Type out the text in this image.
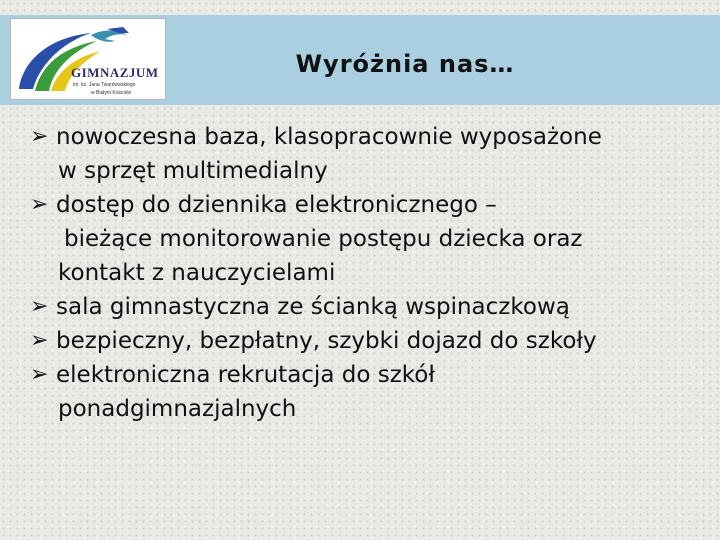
GIMNAZJUM
im. ks. Jana Twardowskiego
w Białym Kościele
Wyróżnia nas…
➢ nowoczesna baza, klasopracownie wyposażone
w sprzęt multimedialny
➢ dostęp do dziennika elektronicznego –
bieżące monitorowanie postępu dziecka oraz
kontakt z nauczycielami
➢ sala gimnastyczna ze ścianką wspinaczkową
➢ bezpieczny, bezpłatny, szybki dojazd do szkoły
➢ elektroniczna rekrutacja do szkół
ponadgimnazjalnych
